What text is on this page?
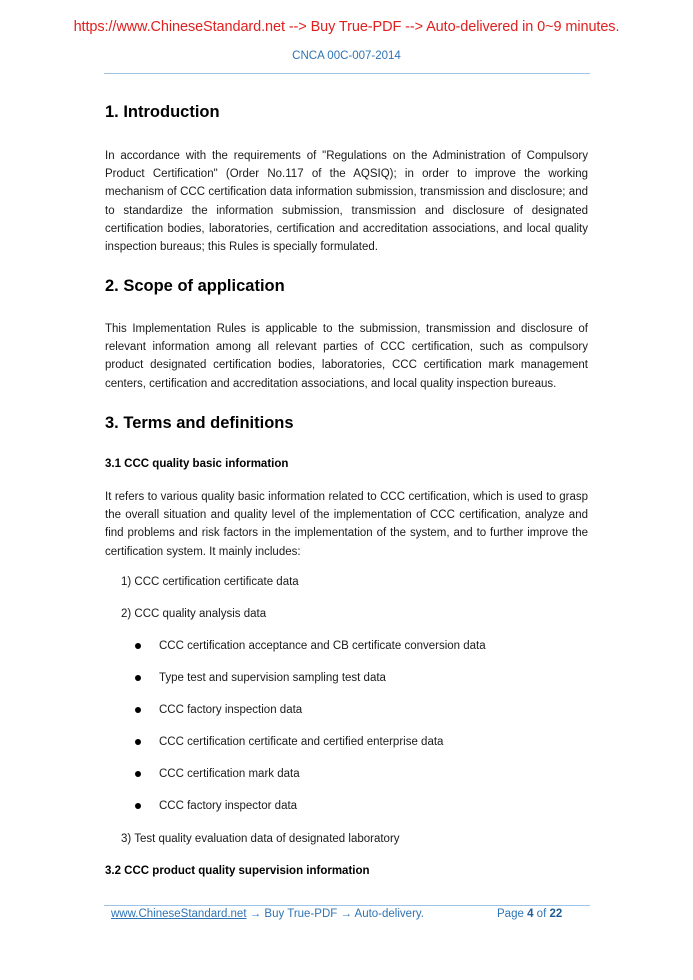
https://www.ChineseStandard.net --> Buy True-PDF --> Auto-delivered in 0~9 minutes.
CNCA 00C-007-2014
1. Introduction

In accordance with the requirements of "Regulations on the Administration of Compulsory Product Certification" (Order No.117 of the AQSIQ); in order to improve the working mechanism of CCC certification data information submission, transmission and disclosure; and to standardize the information submission, transmission and disclosure of designated certification bodies, laboratories, certification and accreditation associations, and local quality inspection bureaus; this Rules is specially formulated.

2. Scope of application

This Implementation Rules is applicable to the submission, transmission and disclosure of relevant information among all relevant parties of CCC certification, such as compulsory product designated certification bodies, laboratories, CCC certification mark management centers, certification and accreditation associations, and local quality inspection bureaus.

3. Terms and definitions
3.1 CCC quality basic information

It refers to various quality basic information related to CCC certification, which is used to grasp the overall situation and quality level of the implementation of CCC certification, analyze and find problems and risk factors in the implementation of the system, and to further improve the certification system. It mainly includes:

1) CCC certification certificate data
2) CCC quality analysis data
CCC certification acceptance and CB certificate conversion data
Type test and supervision sampling test data
CCC factory inspection data
CCC certification certificate and certified enterprise data
CCC certification mark data
CCC factory inspector data
3) Test quality evaluation data of designated laboratory
3.2 CCC product quality supervision information
www.ChineseStandard.net → Buy True-PDF → Auto-delivery.	Page 4 of 22
